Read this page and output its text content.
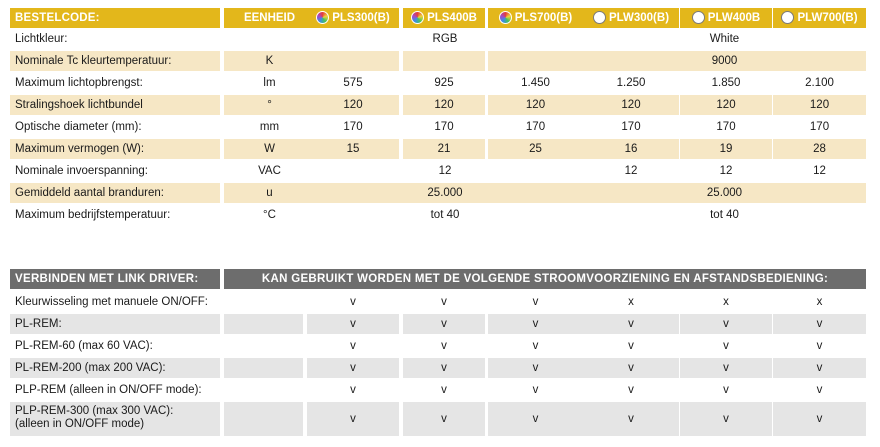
BESTELCODE:	EENHEID	PLS300(B)	PLS400B	PLS700(B)	PLW300(B)	PLW400B	PLW700(B)
Lichtkleur:	RGB	White
Nominale Tc kleurtemperatuur:	K	9000
Maximum lichtopbrengst:	lm	575	925	1.450	1.250	1.850	2.100
Stralingshoek lichtbundel	°	120	120	120	120	120	120
Optische diameter (mm):	mm	170	170	170	170	170	170
Maximum vermogen (W):	W	15	21	25	16	19	28
Nominale invoerspanning:	VAC	12	12	12	12
Gemiddeld aantal branduren:	u	25.000	25.000
Maximum bedrijfstemperatuur:	°C	tot 40	tot 40
VERBINDEN MET LINK DRIVER:	KAN GEBRUIKT WORDEN MET DE VOLGENDE STROOMVOORZIENING EN AFSTANDSBEDIENING:
Kleurwisseling met manuele ON/OFF:	v	v	v	x	x	x
PL-REM:	v	v	v	v	v	v
PL-REM-60 (max 60 VAC):	v	v	v	v	v	v
PL-REM-200 (max 200 VAC):	v	v	v	v	v	v
PLP-REM (alleen in ON/OFF mode):	v	v	v	v	v	v
PLP-REM-300 (max 300 VAC):
(alleen in ON/OFF mode)	v	v	v	v	v	v
